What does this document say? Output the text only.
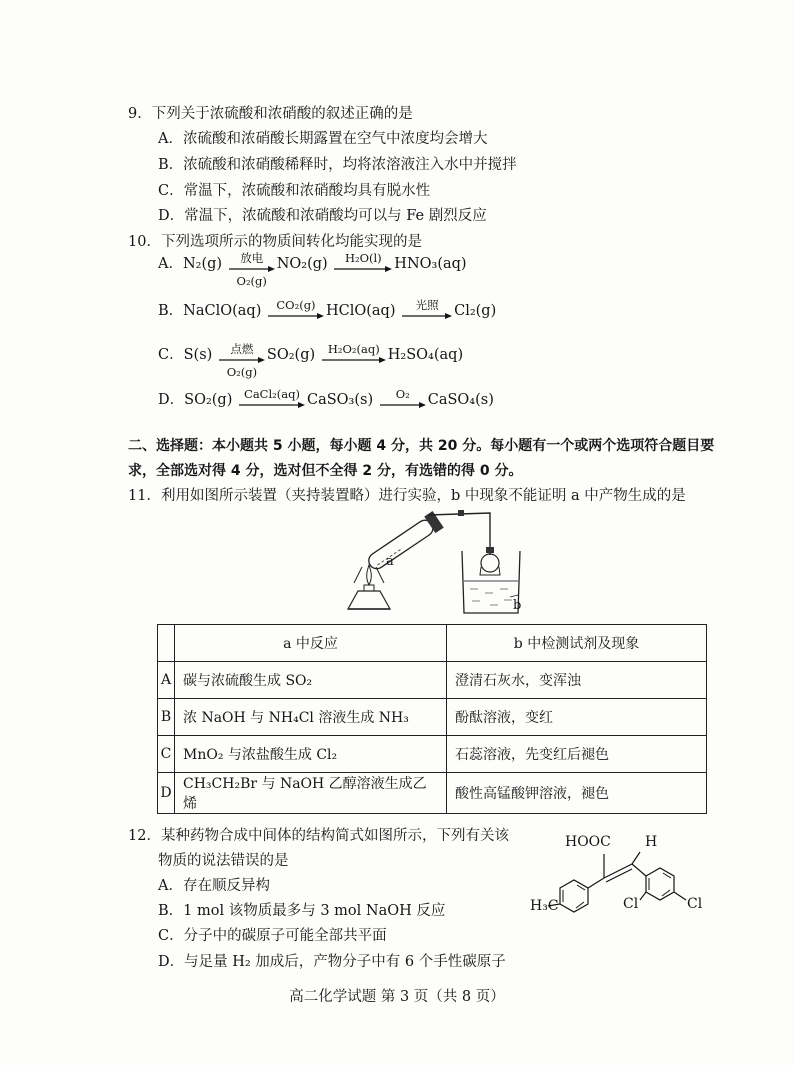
9．下列关于浓硫酸和浓硝酸的叙述正确的是
A．浓硫酸和浓硝酸长期露置在空气中浓度均会增大
B．浓硫酸和浓硝酸稀释时，均将浓溶液注入水中并搅拌
C．常温下，浓硫酸和浓硝酸均具有脱水性
D．常温下，浓硫酸和浓硝酸均可以与 Fe 剧烈反应
10．下列选项所示的物质间转化均能实现的是
A．N₂(g)	放电
O₂(g)
NO₂(g)	H₂O(l) HNO₃(aq)
B．NaClO(aq)	CO₂(g) HClO(aq)	光照	Cl₂(g)
C．S(s)	点燃
O₂(g)
SO₂(g)	H₂O₂(aq) H₂SO₄(aq)
D．SO₂(g)	CaCl₂(aq) CaSO₃(s)	O₂	CaSO₄(s)
二、选择题：本小题共 5 小题，每小题 4 分，共 20 分。每小题有一个或两个选项符合题目要
求，全部选对得 4 分，选对但不全得 2 分，有选错的得 0 分。
11．利用如图所示装置（夹持装置略）进行实验，b 中现象不能证明 a 中产物生成的是
a
b
	a 中反应	b 中检测试剂及现象
A	碳与浓硫酸生成 SO₂	澄清石灰水，变浑浊
B	浓 NaOH 与 NH₄Cl 溶液生成 NH₃	酚酞溶液，变红
C	MnO₂ 与浓盐酸生成 Cl₂	石蕊溶液，先变红后褪色
D	CH₃CH₂Br 与 NaOH 乙醇溶液生成乙烯	酸性高锰酸钾溶液，褪色
12．某种药物合成中间体的结构简式如图所示，下列有关该
物质的说法错误的是
A．存在顺反异构
B．1 mol 该物质最多与 3 mol NaOH 反应
C．分子中的碳原子可能全部共平面
D．与足量 H₂ 加成后，产物分子中有 6 个手性碳原子
HOOC H
H₃C	Cl	Cl
高二化学试题 第 3 页（共 8 页）
